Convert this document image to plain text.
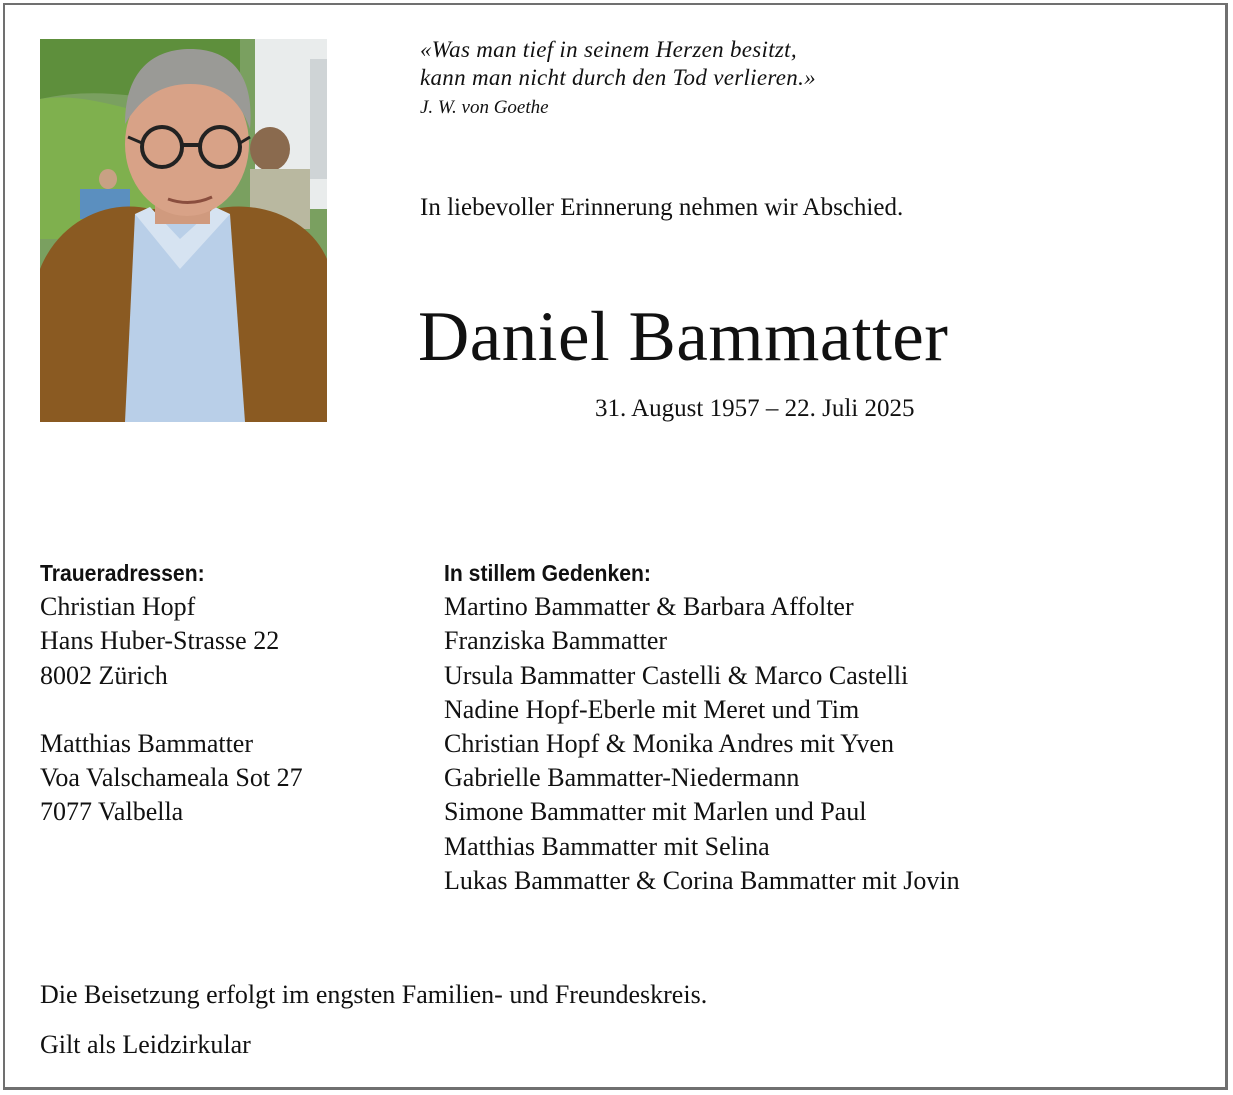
«Was man tief in seinem Herzen besitzt,
kann man nicht durch den Tod verlieren.»
J. W. von Goethe
In liebevoller Erinnerung nehmen wir Abschied.
Daniel Bammatter
31. August 1957 – 22. Juli 2025
Traueradressen:
Christian Hopf
Hans Huber-Strasse 22
8002 Zürich
Matthias Bammatter
Voa Valschameala Sot 27
7077 Valbella
In stillem Gedenken:
Martino Bammatter & Barbara Affolter
Franziska Bammatter
Ursula Bammatter Castelli & Marco Castelli
Nadine Hopf-Eberle mit Meret und Tim
Christian Hopf & Monika Andres mit Yven
Gabrielle Bammatter-Niedermann
Simone Bammatter mit Marlen und Paul
Matthias Bammatter mit Selina
Lukas Bammatter & Corina Bammatter mit Jovin
Die Beisetzung erfolgt im engsten Familien- und Freundeskreis.
Gilt als Leidzirkular
